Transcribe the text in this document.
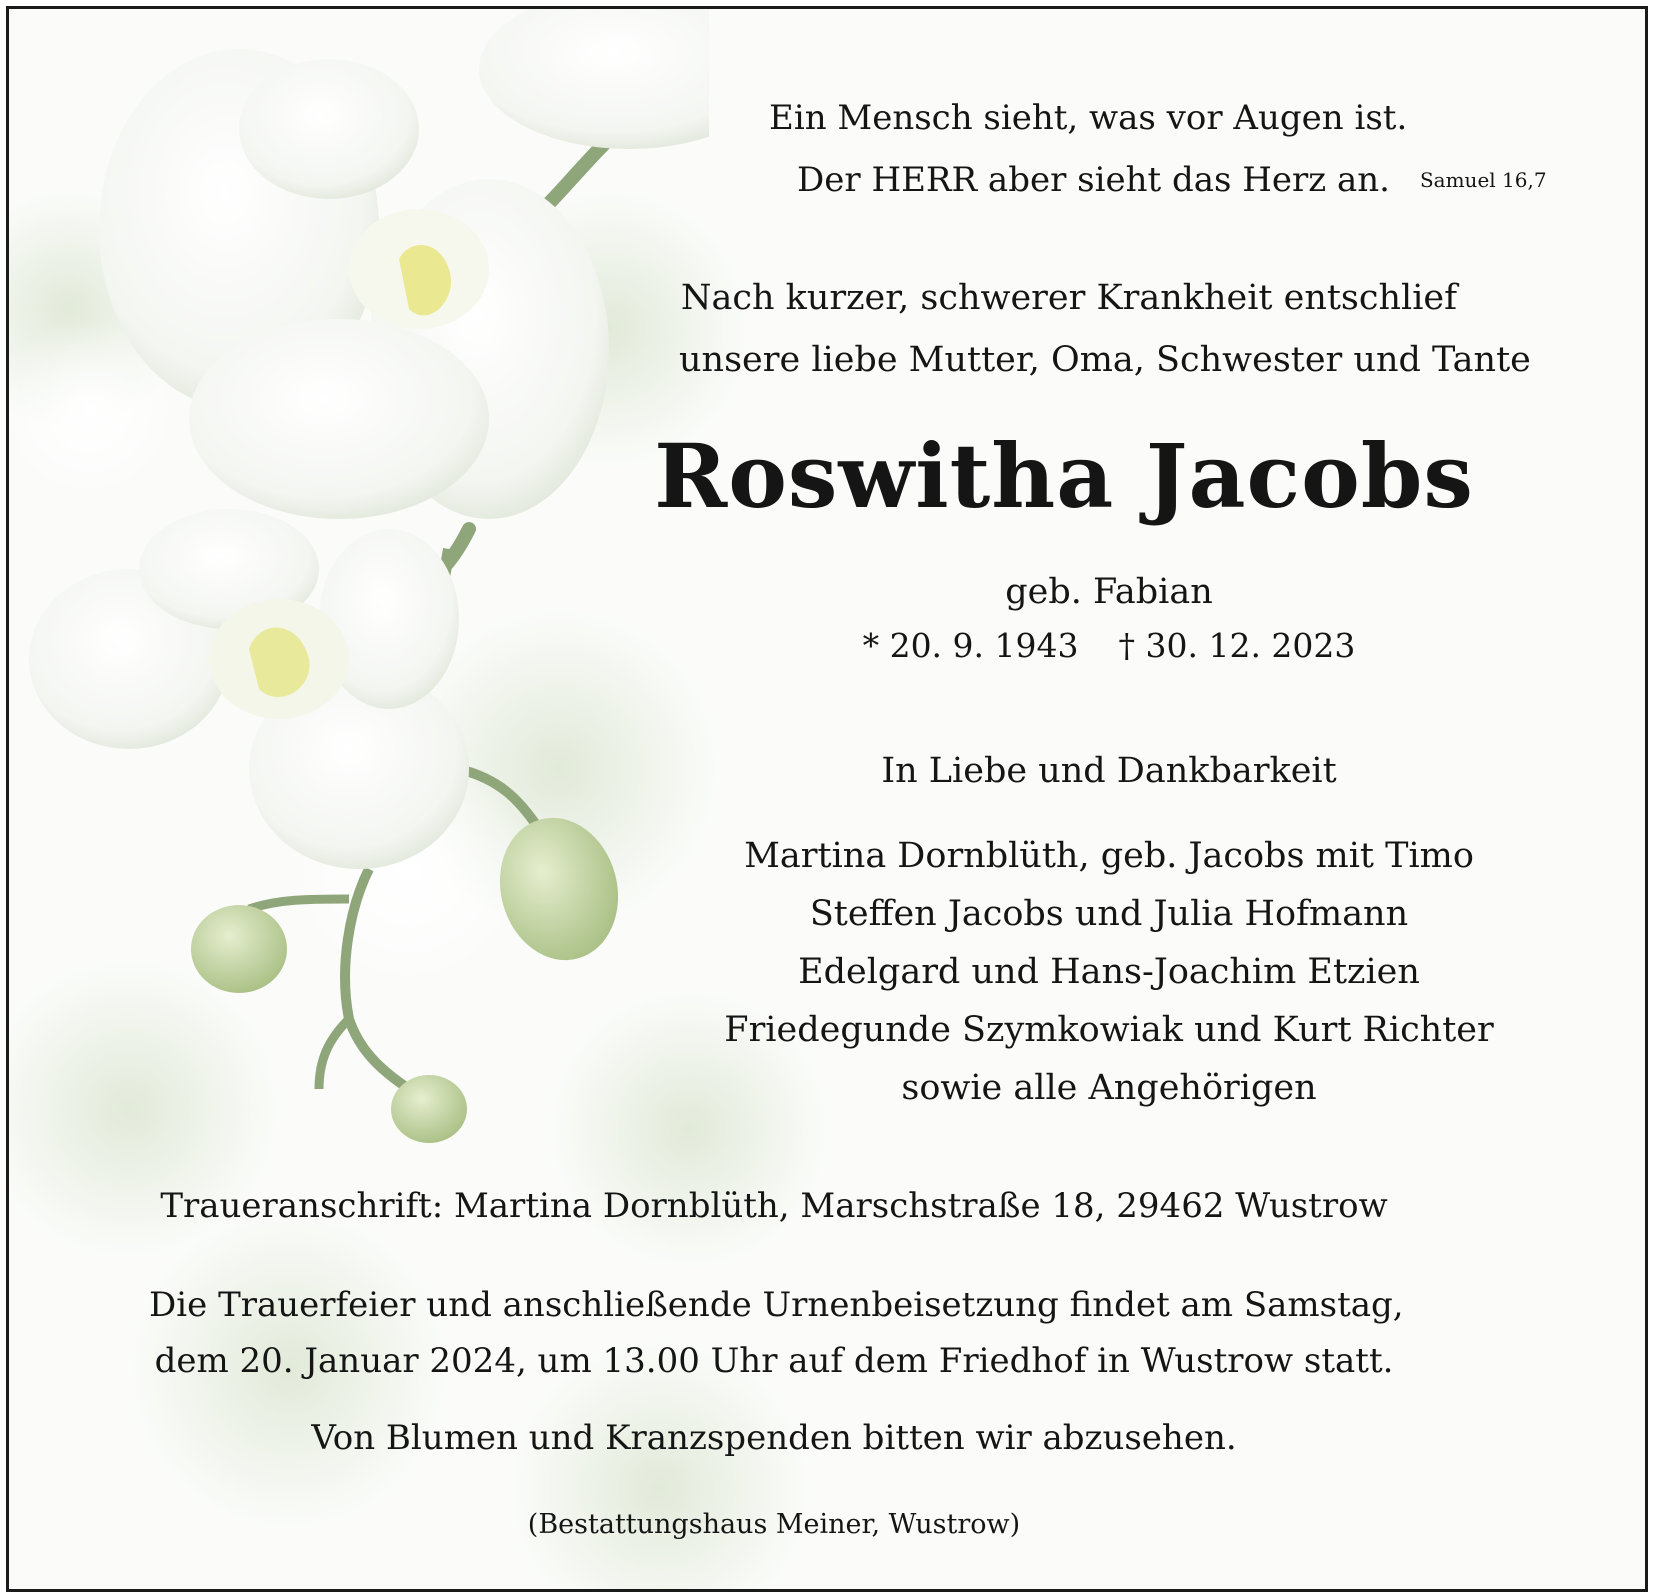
Ein Mensch sieht, was vor Augen ist.
Der HERR aber sieht das Herz an. Samuel 16,7
Nach kurzer, schwerer Krankheit entschlief
unsere liebe Mutter, Oma, Schwester und Tante
Roswitha Jacobs
geb. Fabian
* 20. 9. 1943 † 30. 12. 2023
In Liebe und Dankbarkeit
Martina Dornblüth, geb. Jacobs mit Timo
Steffen Jacobs und Julia Hofmann
Edelgard und Hans-Joachim Etzien
Friedegunde Szymkowiak und Kurt Richter
sowie alle Angehörigen
Traueranschrift: Martina Dornblüth, Marschstraße 18, 29462 Wustrow
Die Trauerfeier und anschließende Urnenbeisetzung findet am Samstag,
dem 20. Januar 2024, um 13.00 Uhr auf dem Friedhof in Wustrow statt.
Von Blumen und Kranzspenden bitten wir abzusehen.
(Bestattungshaus Meiner, Wustrow)
